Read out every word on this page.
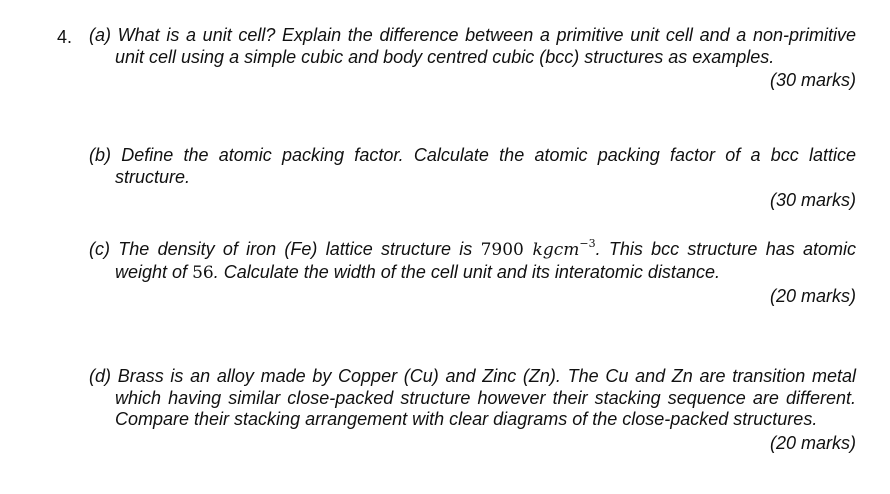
4. (a) What is a unit cell? Explain the difference between a primitive unit cell and a non-primitive unit cell using a simple cubic and body centred cubic (bcc) structures as examples.

(30 marks)

(b) Define the atomic packing factor. Calculate the atomic packing factor of a bcc lattice structure.

(30 marks)

(c) The density of iron (Fe) lattice structure is 7900 kgcm$^{-3}$. This bcc structure has atomic weight of 56. Calculate the width of the cell unit and its interatomic distance.

(20 marks)

(d) Brass is an alloy made by Copper (Cu) and Zinc (Zn). The Cu and Zn are transition metal which having similar close-packed structure however their stacking sequence are different. Compare their stacking arrangement with clear diagrams of the close-packed structures.

(20 marks)
